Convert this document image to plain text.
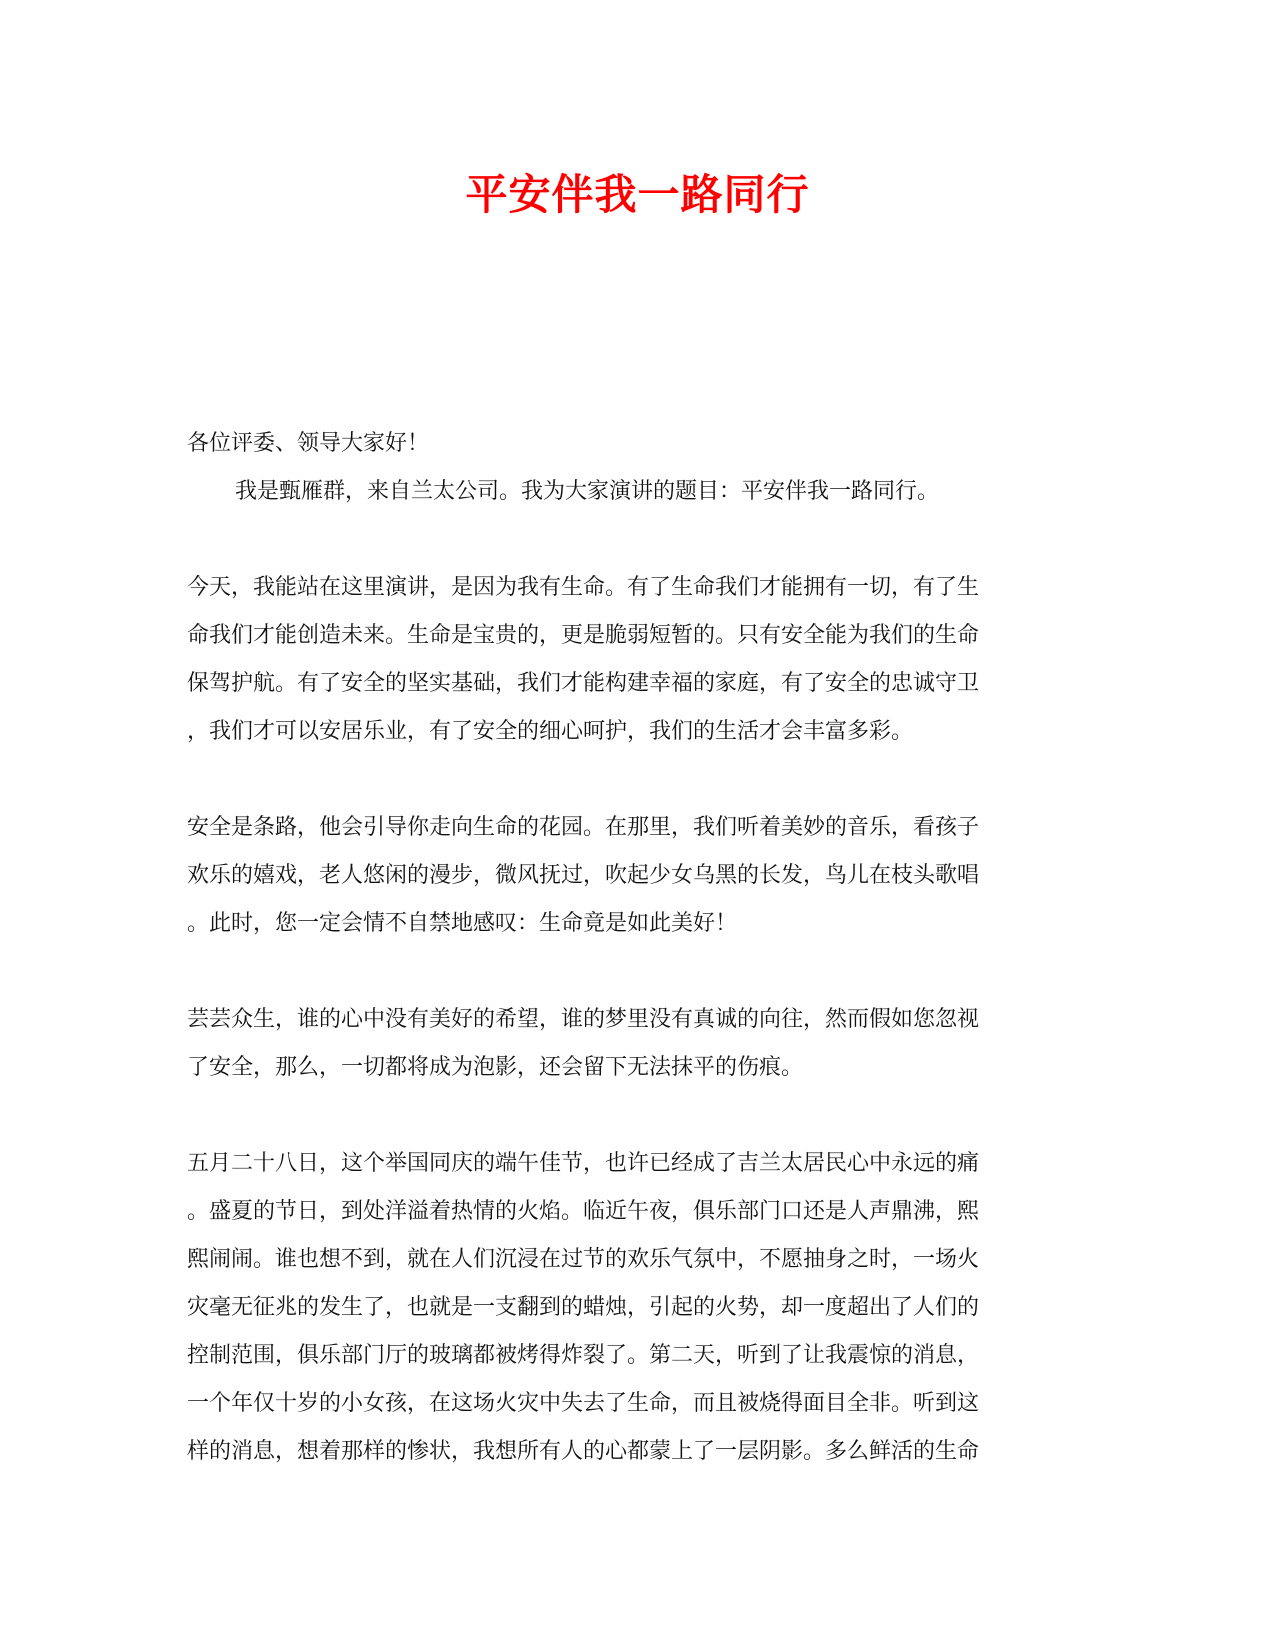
平安伴我一路同行

各位评委、领导大家好！

我是甄雁群，来自兰太公司。我为大家演讲的题目：平安伴我一路同行。

今天，我能站在这里演讲，是因为我有生命。有了生命我们才能拥有一切，有了生
命我们才能创造未来。生命是宝贵的，更是脆弱短暂的。只有安全能为我们的生命
保驾护航。有了安全的坚实基础，我们才能构建幸福的家庭，有了安全的忠诚守卫
，我们才可以安居乐业，有了安全的细心呵护，我们的生活才会丰富多彩。
安全是条路，他会引导你走向生命的花园。在那里，我们听着美妙的音乐，看孩子
欢乐的嬉戏，老人悠闲的漫步，微风抚过，吹起少女乌黑的长发，鸟儿在枝头歌唱
。此时，您一定会情不自禁地感叹：生命竟是如此美好！
芸芸众生，谁的心中没有美好的希望，谁的梦里没有真诚的向往，然而假如您忽视
了安全，那么，一切都将成为泡影，还会留下无法抹平的伤痕。
五月二十八日，这个举国同庆的端午佳节，也许已经成了吉兰太居民心中永远的痛
。盛夏的节日，到处洋溢着热情的火焰。临近午夜，俱乐部门口还是人声鼎沸，熙
熙闹闹。谁也想不到，就在人们沉浸在过节的欢乐气氛中，不愿抽身之时，一场火
灾毫无征兆的发生了，也就是一支翻到的蜡烛，引起的火势，却一度超出了人们的
控制范围，俱乐部门厅的玻璃都被烤得炸裂了。第二天，听到了让我震惊的消息，
一个年仅十岁的小女孩，在这场火灾中失去了生命，而且被烧得面目全非。听到这
样的消息，想着那样的惨状，我想所有人的心都蒙上了一层阴影。多么鲜活的生命
